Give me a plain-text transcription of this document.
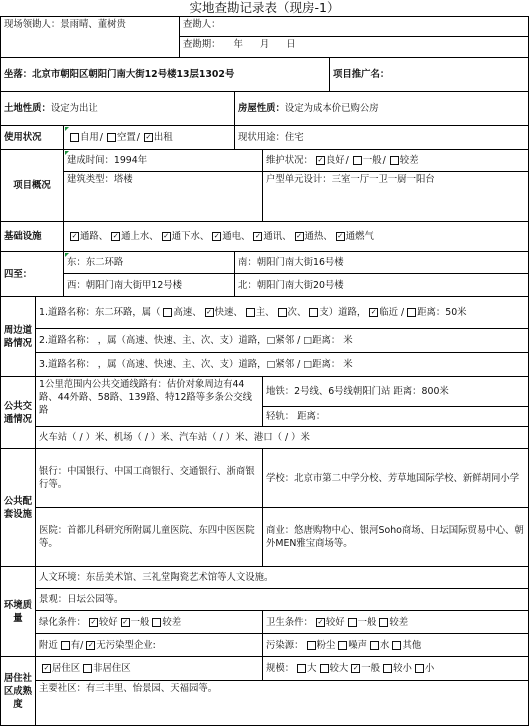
实地查勘记录表（现房-1）
现场领勘人：景雨晴、董树贵	查勘人：
查勘期： 年 月 日
坐落： 北京市朝阳区朝阳门南大街12号楼13层1302号	项目推广名：
土地性质： 设定为出让	房屋性质： 设定为成本价已购公房
使用状况	自用 / 空置 / ✓ 出租	现状用途： 住宅
项目概况
建成时间：1994年	维护状况： ✓ 良好 / 一般 / 较差
建筑类型：塔楼	户型单元设计：三室一厅一卫一厨一阳台
基础设施 ✓	通路 、 ✓ 通上水 、 ✓ 通下水 、 ✓ 通电 、 ✓ 通讯 、 ✓ 通热 、 ✓ 通燃气
四至：
东：东二环路	南：朝阳门南大街16号楼
西：朝阳门南大街甲12号楼	北：朝阳门南大街20号楼
周边道路情况
1.道路名称：东二环路，属（ 高速 、 ✓ 快速 、 主 、 次 、 支 ）道路， ✓ 临近 / 距离：50米
2.道路名称： ，属（高速、快速、主、次、支）道路，□紧邻 / □距离： 米
3.道路名称： ，属（高速、快速、主、次、支）道路，□紧邻 / □距离： 米
公共交通情况
1公里范围内公共交通线路有：估价对象周边有44路、44外路、58路、139路、特12路等多条公交线路
地铁：2号线、6号线朝阳门站 距离：800米
轻轨： 距离：
火车站（ / ）米、机场（ / ）米、汽车站（ / ）米、港口（ / ）米
公共配套设施
银行：中国银行、中国工商银行、交通银行、浙商银行等。
学校：北京市第二中学分校、芳草地国际学校、新鲜胡同小学
医院：首都儿科研究所附属儿童医院、东四中医医院等。
商业：悠唐购物中心、银河Soho商场、日坛国际贸易中心、朝外MEN雅宝商场等。
环境质量
人文环境：东岳美术馆、三礼堂陶瓷艺术馆等人文设施。
景观：日坛公园等。
绿化条件： ✓ 较好 ✓ 一般 较差	卫生条件： ✓ 较好 一般 较差
附近 有/ ✓ 无污染型企业:	污染源： 粉尘 噪声 水 其他
居住社区成熟度
✓
居住区 非居住区	规模： 大 较大 ✓ 一般 较小 小
主要社区：有三丰里、怡景园、天福园等。
